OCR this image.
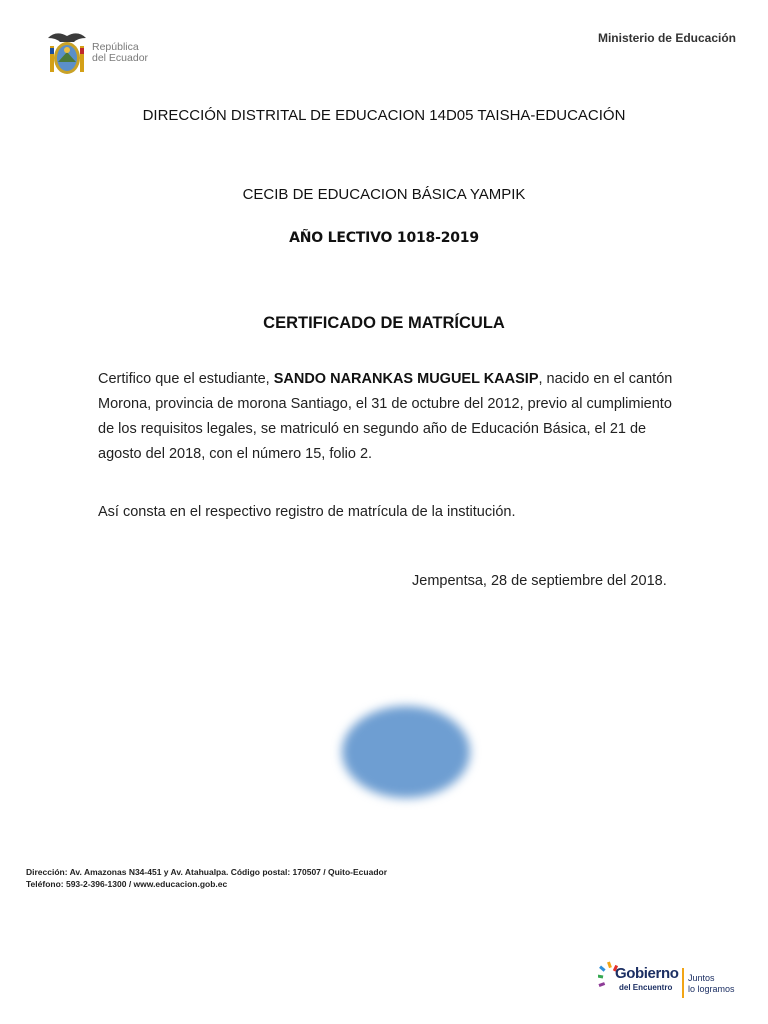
República
del Ecuador
Ministerio de Educación
DIRECCIÓN DISTRITAL DE EDUCACION 14D05 TAISHA-EDUCACIÓN
CECIB DE EDUCACION BÁSICA YAMPIK
AÑO LECTIVO 1018-2019
CERTIFICADO DE MATRÍCULA
Certifico que el estudiante, SANDO NARANKAS MUGUEL KAASIP, nacido en el cantón Morona, provincia de morona Santiago, el 31 de octubre del 2012, previo al cumplimiento de los requisitos legales, se matriculó en segundo año de Educación Básica, el 21 de agosto del 2018, con el número 15, folio 2.
Así consta en el respectivo registro de matrícula de la institución.
Jempentsa, 28 de septiembre del 2018.
Dirección: Av. Amazonas N34-451 y Av. Atahualpa. Código postal: 170507 / Quito-Ecuador
Teléfono: 593-2-396-1300 / www.educacion.gob.ec
Gobierno
del Encuentro
Juntos
lo logramos
